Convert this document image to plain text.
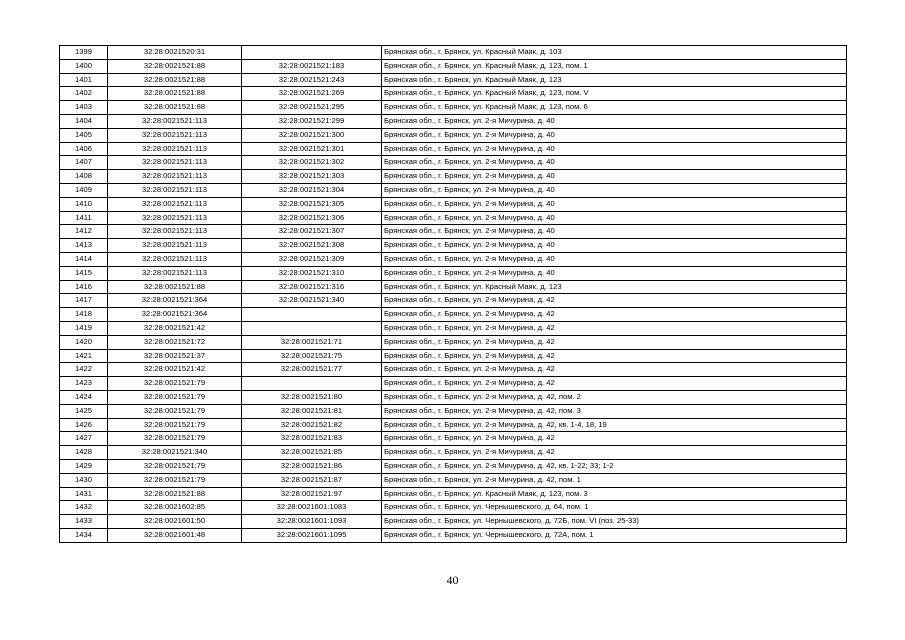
1399	32:28:0021520:31		Брянская обл., г. Брянск, ул. Красный Маяк, д. 103
1400	32:28:0021521:88	32:28:0021521:183	Брянская обл., г. Брянск, ул. Красный Маяк, д. 123, пом. 1
1401	32:28:0021521:88	32:28:0021521:243	Брянская обл., г. Брянск, ул. Красный Маяк, д. 123
1402	32:28:0021521:88	32:28:0021521:269	Брянская обл., г. Брянск, ул. Красный Маяк, д. 123, пом. V
1403	32:28:0021521:88	32:28:0021521:295	Брянская обл., г. Брянск, ул. Красный Маяк, д. 123, пом. 6
1404	32:28:0021521:113	32:28:0021521:299	Брянская обл., г. Брянск, ул. 2-я Мичурина, д. 40
1405	32:28:0021521:113	32:28:0021521:300	Брянская обл., г. Брянск, ул. 2-я Мичурина, д. 40
1406	32:28:0021521:113	32:28:0021521:301	Брянская обл., г. Брянск, ул. 2-я Мичурина, д. 40
1407	32:28:0021521:113	32:28:0021521:302	Брянская обл., г. Брянск, ул. 2-я Мичурина, д. 40
1408	32:28:0021521:113	32:28:0021521:303	Брянская обл., г. Брянск, ул. 2-я Мичурина, д. 40
1409	32:28:0021521:113	32:28:0021521:304	Брянская обл., г. Брянск, ул. 2-я Мичурина, д. 40
1410	32:28:0021521:113	32:28:0021521:305	Брянская обл., г. Брянск, ул. 2-я Мичурина, д. 40
1411	32:28:0021521:113	32:28:0021521:306	Брянская обл., г. Брянск, ул. 2-я Мичурина, д. 40
1412	32:28:0021521:113	32:28:0021521:307	Брянская обл., г. Брянск, ул. 2-я Мичурина, д. 40
1413	32:28:0021521:113	32:28:0021521:308	Брянская обл., г. Брянск, ул. 2-я Мичурина, д. 40
1414	32:28:0021521:113	32:28:0021521:309	Брянская обл., г. Брянск, ул. 2-я Мичурина, д. 40
1415	32:28:0021521:113	32:28:0021521:310	Брянская обл., г. Брянск, ул. 2-я Мичурина, д. 40
1416	32:28:0021521:88	32:28:0021521:316	Брянская обл., г. Брянск, ул. Красный Маяк, д. 123
1417	32:28:0021521:364	32:28:0021521:340	Брянская обл., г. Брянск, ул. 2-я Мичурина, д. 42
1418	32:28:0021521:364		Брянская обл., г. Брянск, ул. 2-я Мичурина, д. 42
1419	32:28:0021521:42		Брянская обл., г. Брянск, ул. 2-я Мичурина, д. 42
1420	32:28:0021521:72	32:28:0021521:71	Брянская обл., г. Брянск, ул. 2-я Мичурина, д. 42
1421	32:28:0021521:37	32:28:0021521:75	Брянская обл., г. Брянск, ул. 2-я Мичурина, д. 42
1422	32:28:0021521:42	32:28:0021521:77	Брянская обл., г. Брянск, ул. 2-я Мичурина, д. 42
1423	32:28:0021521:79		Брянская обл., г. Брянск, ул. 2-я Мичурина, д. 42
1424	32:28:0021521:79	32:28:0021521:80	Брянская обл., г. Брянск, ул. 2-я Мичурина, д. 42, пом. 2
1425	32:28:0021521:79	32:28:0021521:81	Брянская обл., г. Брянск, ул. 2-я Мичурина, д. 42, пом. 3
1426	32:28:0021521:79	32:28:0021521:82	Брянская обл., г. Брянск, ул. 2-я Мичурина, д. 42, кв. 1-4, 18, 19
1427	32:28:0021521:79	32:28:0021521:83	Брянская обл., г. Брянск, ул. 2-я Мичурина, д. 42
1428	32:28:0021521:340	32:28:0021521:85	Брянская обл., г. Брянск, ул. 2-я Мичурина, д. 42
1429	32:28:0021521:79	32:28:0021521:86	Брянская обл., г. Брянск, ул. 2-я Мичурина, д. 42, кв. 1-22; 33; 1-2
1430	32:28:0021521:79	32:28:0021521:87	Брянская обл., г. Брянск, ул. 2-я Мичурина, д. 42, пом. 1
1431	32:28:0021521:88	32:28:0021521:97	Брянская обл., г. Брянск, ул. Красный Маяк, д. 123, пом. 3
1432	32:28:0021602:85	32:28:0021601:1083	Брянская обл., г. Брянск, ул. Чернышевского, д. 64, пом. 1
1433	32:28:0021601:50	32:28:0021601:1093	Брянская обл., г. Брянск, ул. Чернышевского, д. 72Б, пом. VI (поз. 25-33)
1434	32:28:0021601:48	32:28:0021601:1095	Брянская обл., г. Брянск, ул. Чернышевского, д. 72А, пом. 1
40
